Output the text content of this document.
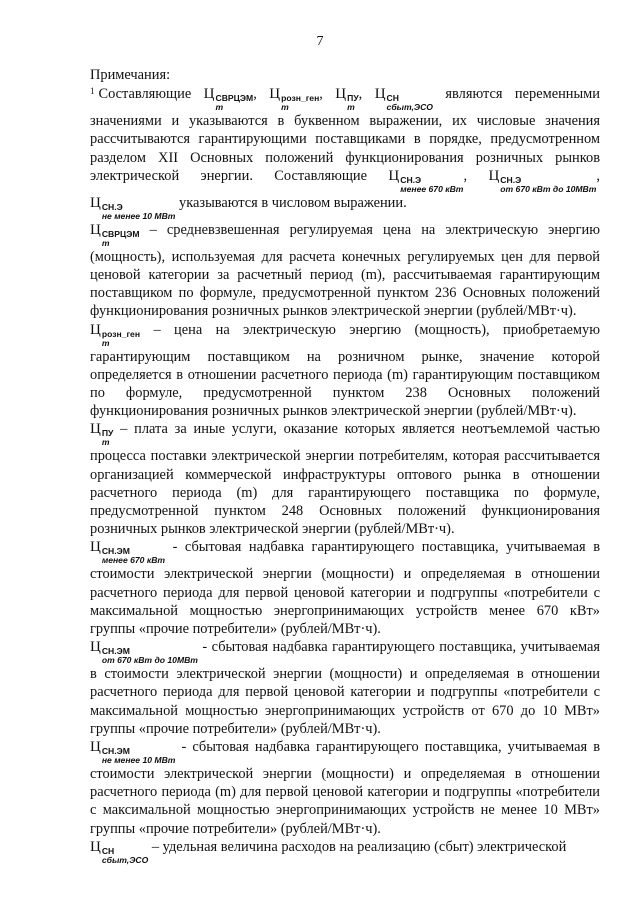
7

Примечания:

$^1$ Составляющие Ц СВРЦЭМ
m
, Ц розн_ген
m
, Ц ПУ
m
, Ц СН
сбыт,ЭСО
являются переменными значениями и указываются в буквенном выражении, их числовые значения рассчитываются гарантирующими поставщиками в порядке, предусмотренном разделом XII Основных положений функционирования розничных рынков электрической энергии. Составляющие Ц СН.Э
менее 670 кВт
, Ц СН.Э
от 670 кВт до 10МВт
, Ц СН.Э
не менее 10 МВт
указываются в числовом выражении.

Ц СВРЦЭМ
m
– средневзвешенная регулируемая цена на электрическую энергию (мощность), используемая для расчета конечных регулируемых цен для первой ценовой категории за расчетный период (m), рассчитываемая гарантирующим поставщиком по формуле, предусмотренной пунктом 236 Основных положений функционирования розничных рынков электрической энергии (рублей/МВт·ч).

Ц розн_ген
m
– цена на электрическую энергию (мощность), приобретаемую гарантирующим поставщиком на розничном рынке, значение которой определяется в отношении расчетного периода (m) гарантирующим поставщиком по формуле, предусмотренной пунктом 238 Основных положений функционирования розничных рынков электрической энергии (рублей/МВт·ч).

Ц ПУ
m
– плата за иные услуги, оказание которых является неотъемлемой частью процесса поставки электрической энергии потребителям, которая рассчитывается организацией коммерческой инфраструктуры оптового рынка в отношении расчетного периода (m) для гарантирующего поставщика по формуле, предусмотренной пунктом 248 Основных положений функционирования розничных рынков электрической энергии (рублей/МВт·ч).

Ц СН.ЭМ
менее 670 кВт
- сбытовая надбавка гарантирующего поставщика, учитываемая в стоимости электрической энергии (мощности) и определяемая в отношении расчетного периода для первой ценовой категории и подгруппы «потребители с максимальной мощностью энергопринимающих устройств менее 670 кВт» группы «прочие потребители» (рублей/МВт·ч).

Ц СН.ЭМ
от 670 кВт до 10МВт
- сбытовая надбавка гарантирующего поставщика, учитываемая в стоимости электрической энергии (мощности) и определяемая в отношении расчетного периода для первой ценовой категории и подгруппы «потребители с максимальной мощностью энергопринимающих устройств от 670 до 10 МВт» группы «прочие потребители» (рублей/МВт·ч).

Ц СН.ЭМ
не менее 10 МВт
- сбытовая надбавка гарантирующего поставщика, учитываемая в стоимости электрической энергии (мощности) и определяемая в отношении расчетного периода (m) для первой ценовой категории и подгруппы «потребители с максимальной мощностью энергопринимающих устройств не менее 10 МВт» группы «прочие потребители» (рублей/МВт·ч).

Ц СН
сбыт,ЭСО
– удельная величина расходов на реализацию (сбыт) электрической
